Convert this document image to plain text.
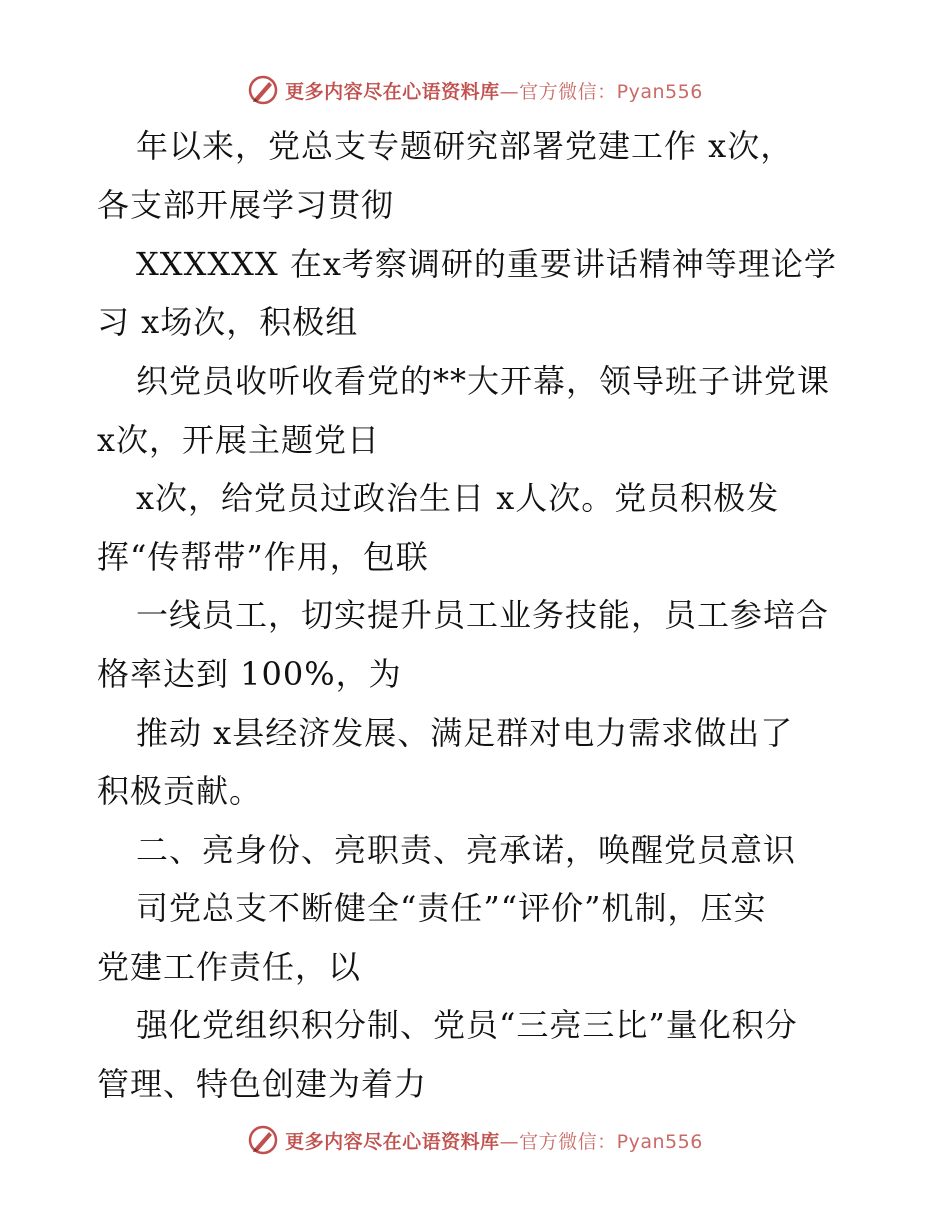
更多内容尽在心语资料库—官方微信：Pyan556
年以来，党总支专题研究部署党建工作 x次，
各支部开展学习贯彻
XXXXXX 在x考察调研的重要讲话精神等理论学
习 x场次，积极组
织党员收听收看党的**大开幕，领导班子讲党课
x次，开展主题党日
x次，给党员过政治生日 x人次。党员积极发
挥“传帮带”作用，包联
一线员工，切实提升员工业务技能，员工参培合
格率达到 100%，为
推动 x县经济发展、满足群对电力需求做出了
积极贡献。
二、亮身份、亮职责、亮承诺，唤醒党员意识
司党总支不断健全“责任”“评价”机制，压实
党建工作责任，以
强化党组织积分制、党员“三亮三比”量化积分
管理、特色创建为着力
更多内容尽在心语资料库—官方微信：Pyan556
